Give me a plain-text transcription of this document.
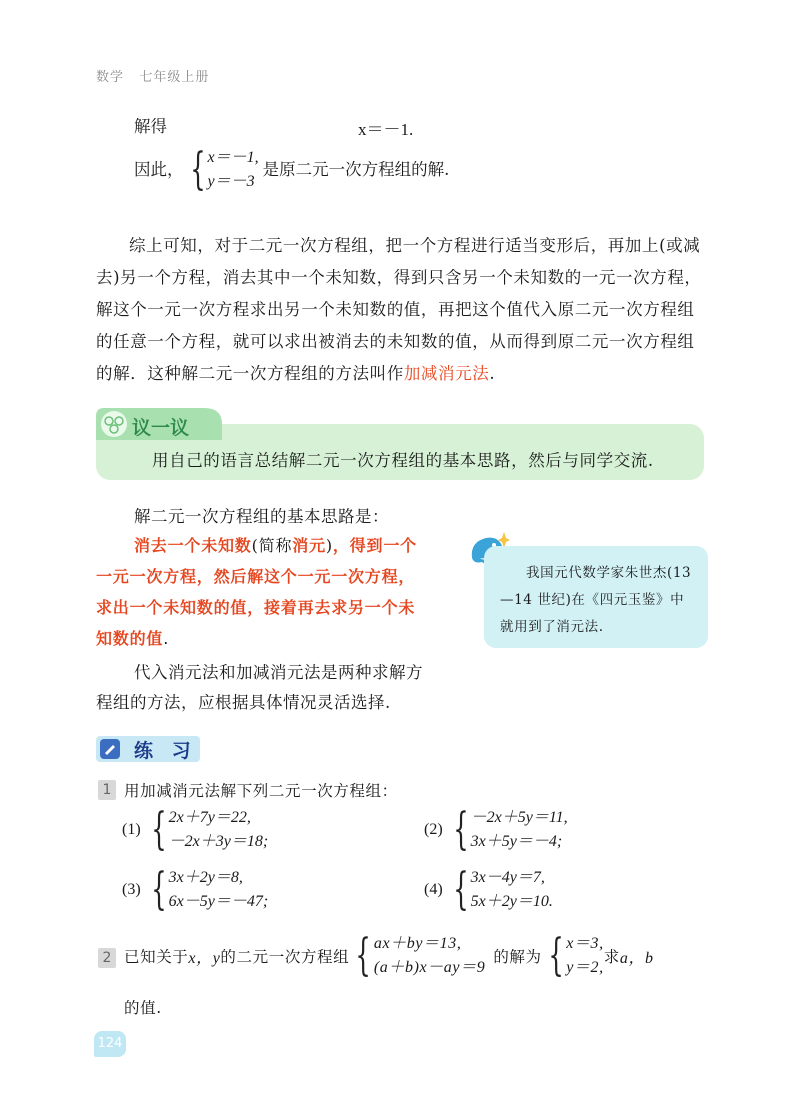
数学 七年级上册
解得	x＝－1.
因此， { x＝－1,
y＝－3
是原二元一次方程组的解.

综上可知，对于二元一次方程组，把一个方程进行适当变形后，再加上(或减去)另一个方程，消去其中一个未知数，得到只含另一个未知数的一元一次方程，解这个一元一次方程求出另一个未知数的值，再把这个值代入原二元一次方程组的任意一个方程，就可以求出被消去的未知数的值，从而得到原二元一次方程组的解．这种解二元一次方程组的方法叫作加减消元法.

议一议
用自己的语言总结解二元一次方程组的基本思路，然后与同学交流.
解二元一次方程组的基本思路是：
消去一个未知数(简称消元)，得到一个
一元一次方程，然后解这个一元一次方程，
求出一个未知数的值，接着再去求另一个未
知数的值.
代入消元法和加减消元法是两种求解方
程组的方法，应根据具体情况灵活选择.
我国元代数学家朱世杰(13—14 世纪)在《四元玉鉴》中就用到了消元法.
练 习
1 用加减消元法解下列二元一次方程组：
(1) { 2x＋7y＝22,
－2x＋3y＝18;
(2) { －2x＋5y＝11,
3x＋5y＝－4;
(3) { 3x＋2y＝8,
6x－5y＝－47;
(4) { 3x－4y＝7,
5x＋2y＝10.
2 已知关于 x，y 的二元一次方程组 { ax＋by＝13,
(a＋b)x－ay＝9
的解为 { x＝3,
y＝2,
求 a，b
的值.
124
